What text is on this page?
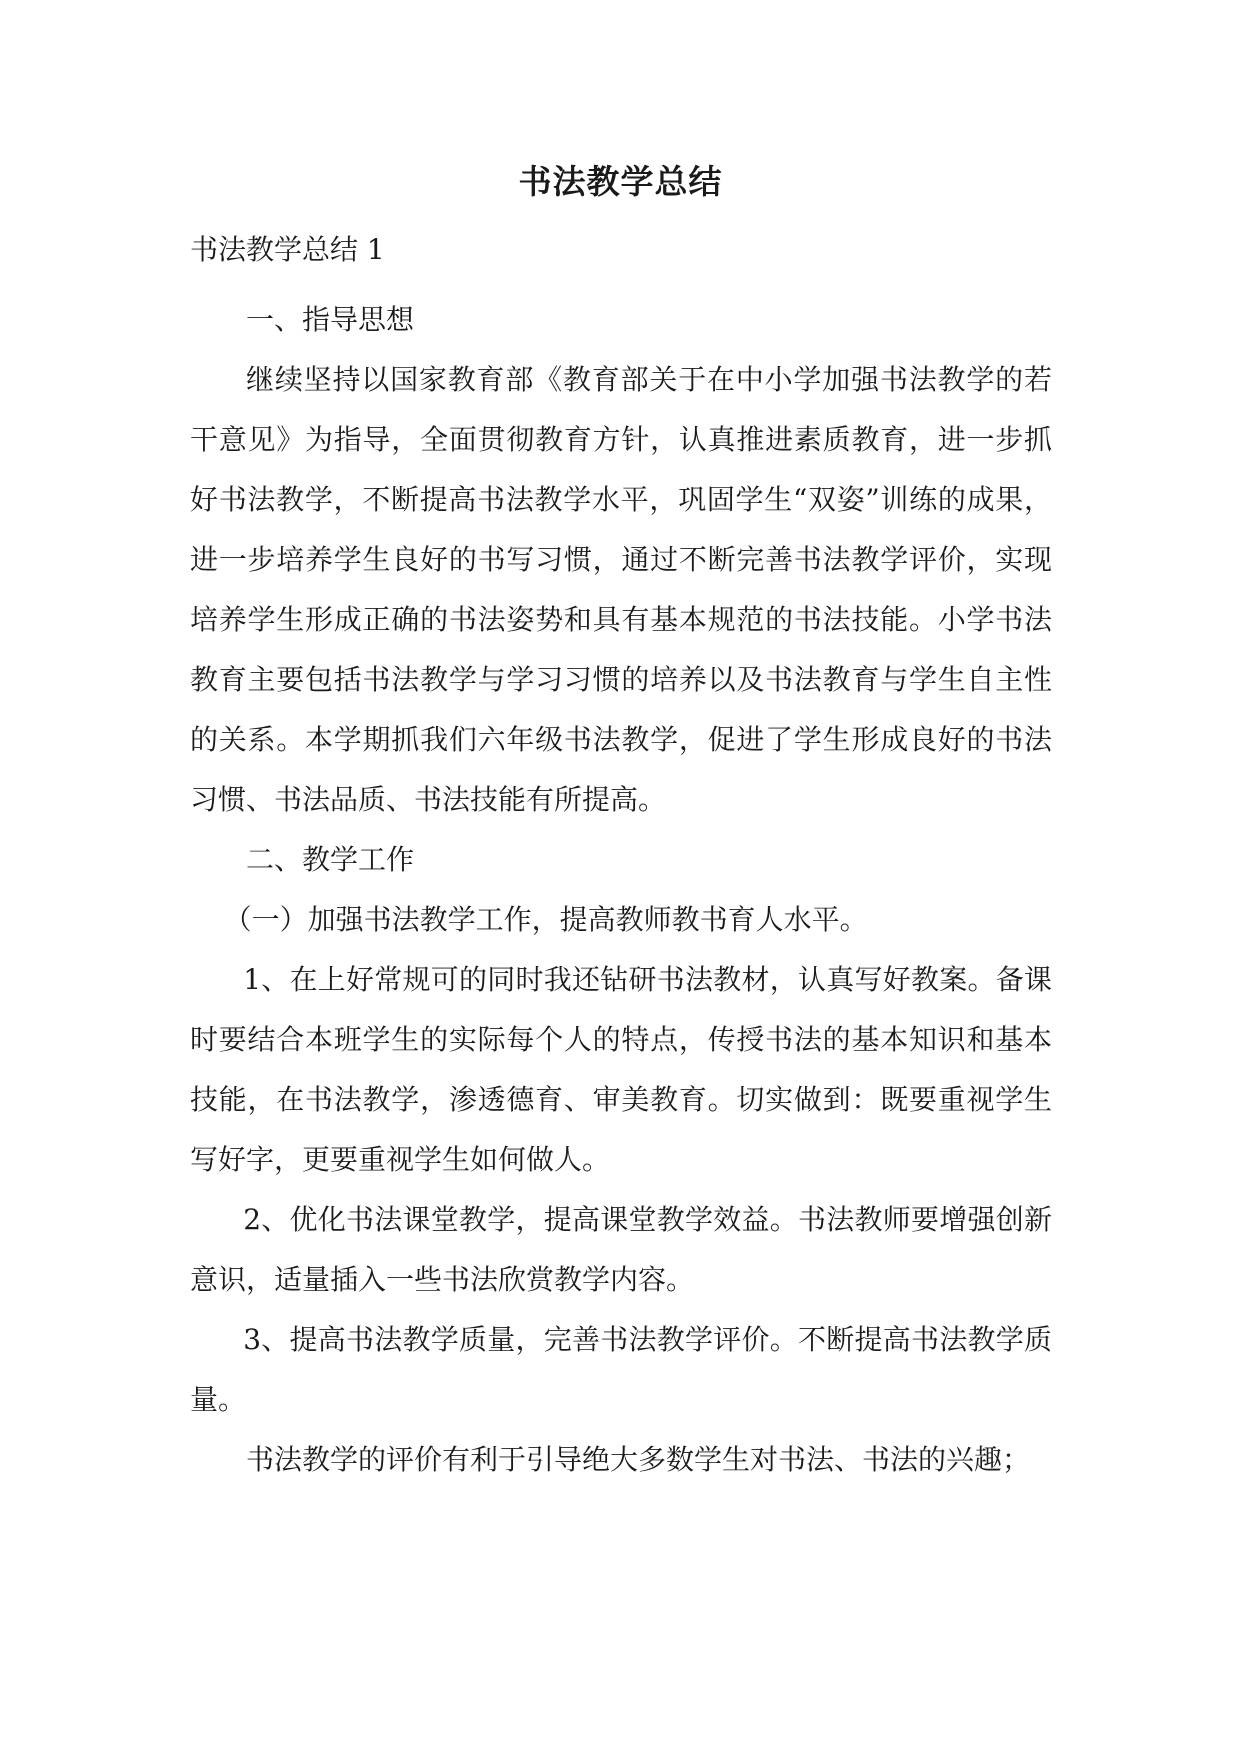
书法教学总结

书法教学总结 1

一、指导思想

继续坚持以国家教育部《教育部关于在中小学加强书法教学的若干意见》为指导，全面贯彻教育方针，认真推进素质教育，进一步抓好书法教学，不断提高书法教学水平，巩固学生“双姿”训练的成果，进一步培养学生良好的书写习惯，通过不断完善书法教学评价，实现培养学生形成正确的书法姿势和具有基本规范的书法技能。小学书法教育主要包括书法教学与学习习惯的培养以及书法教育与学生自主性的关系。本学期抓我们六年级书法教学，促进了学生形成良好的书法习惯、书法品质、书法技能有所提高。

二、教学工作

（一）加强书法教学工作，提高教师教书育人水平。

1、在上好常规可的同时我还钻研书法教材，认真写好教案。备课时要结合本班学生的实际每个人的特点，传授书法的基本知识和基本技能，在书法教学，渗透德育、审美教育。切实做到：既要重视学生写好字，更要重视学生如何做人。

2、优化书法课堂教学，提高课堂教学效益。书法教师要增强创新意识，适量插入一些书法欣赏教学内容。

3、提高书法教学质量，完善书法教学评价。不断提高书法教学质量。

书法教学的评价有利于引导绝大多数学生对书法、书法的兴趣；
